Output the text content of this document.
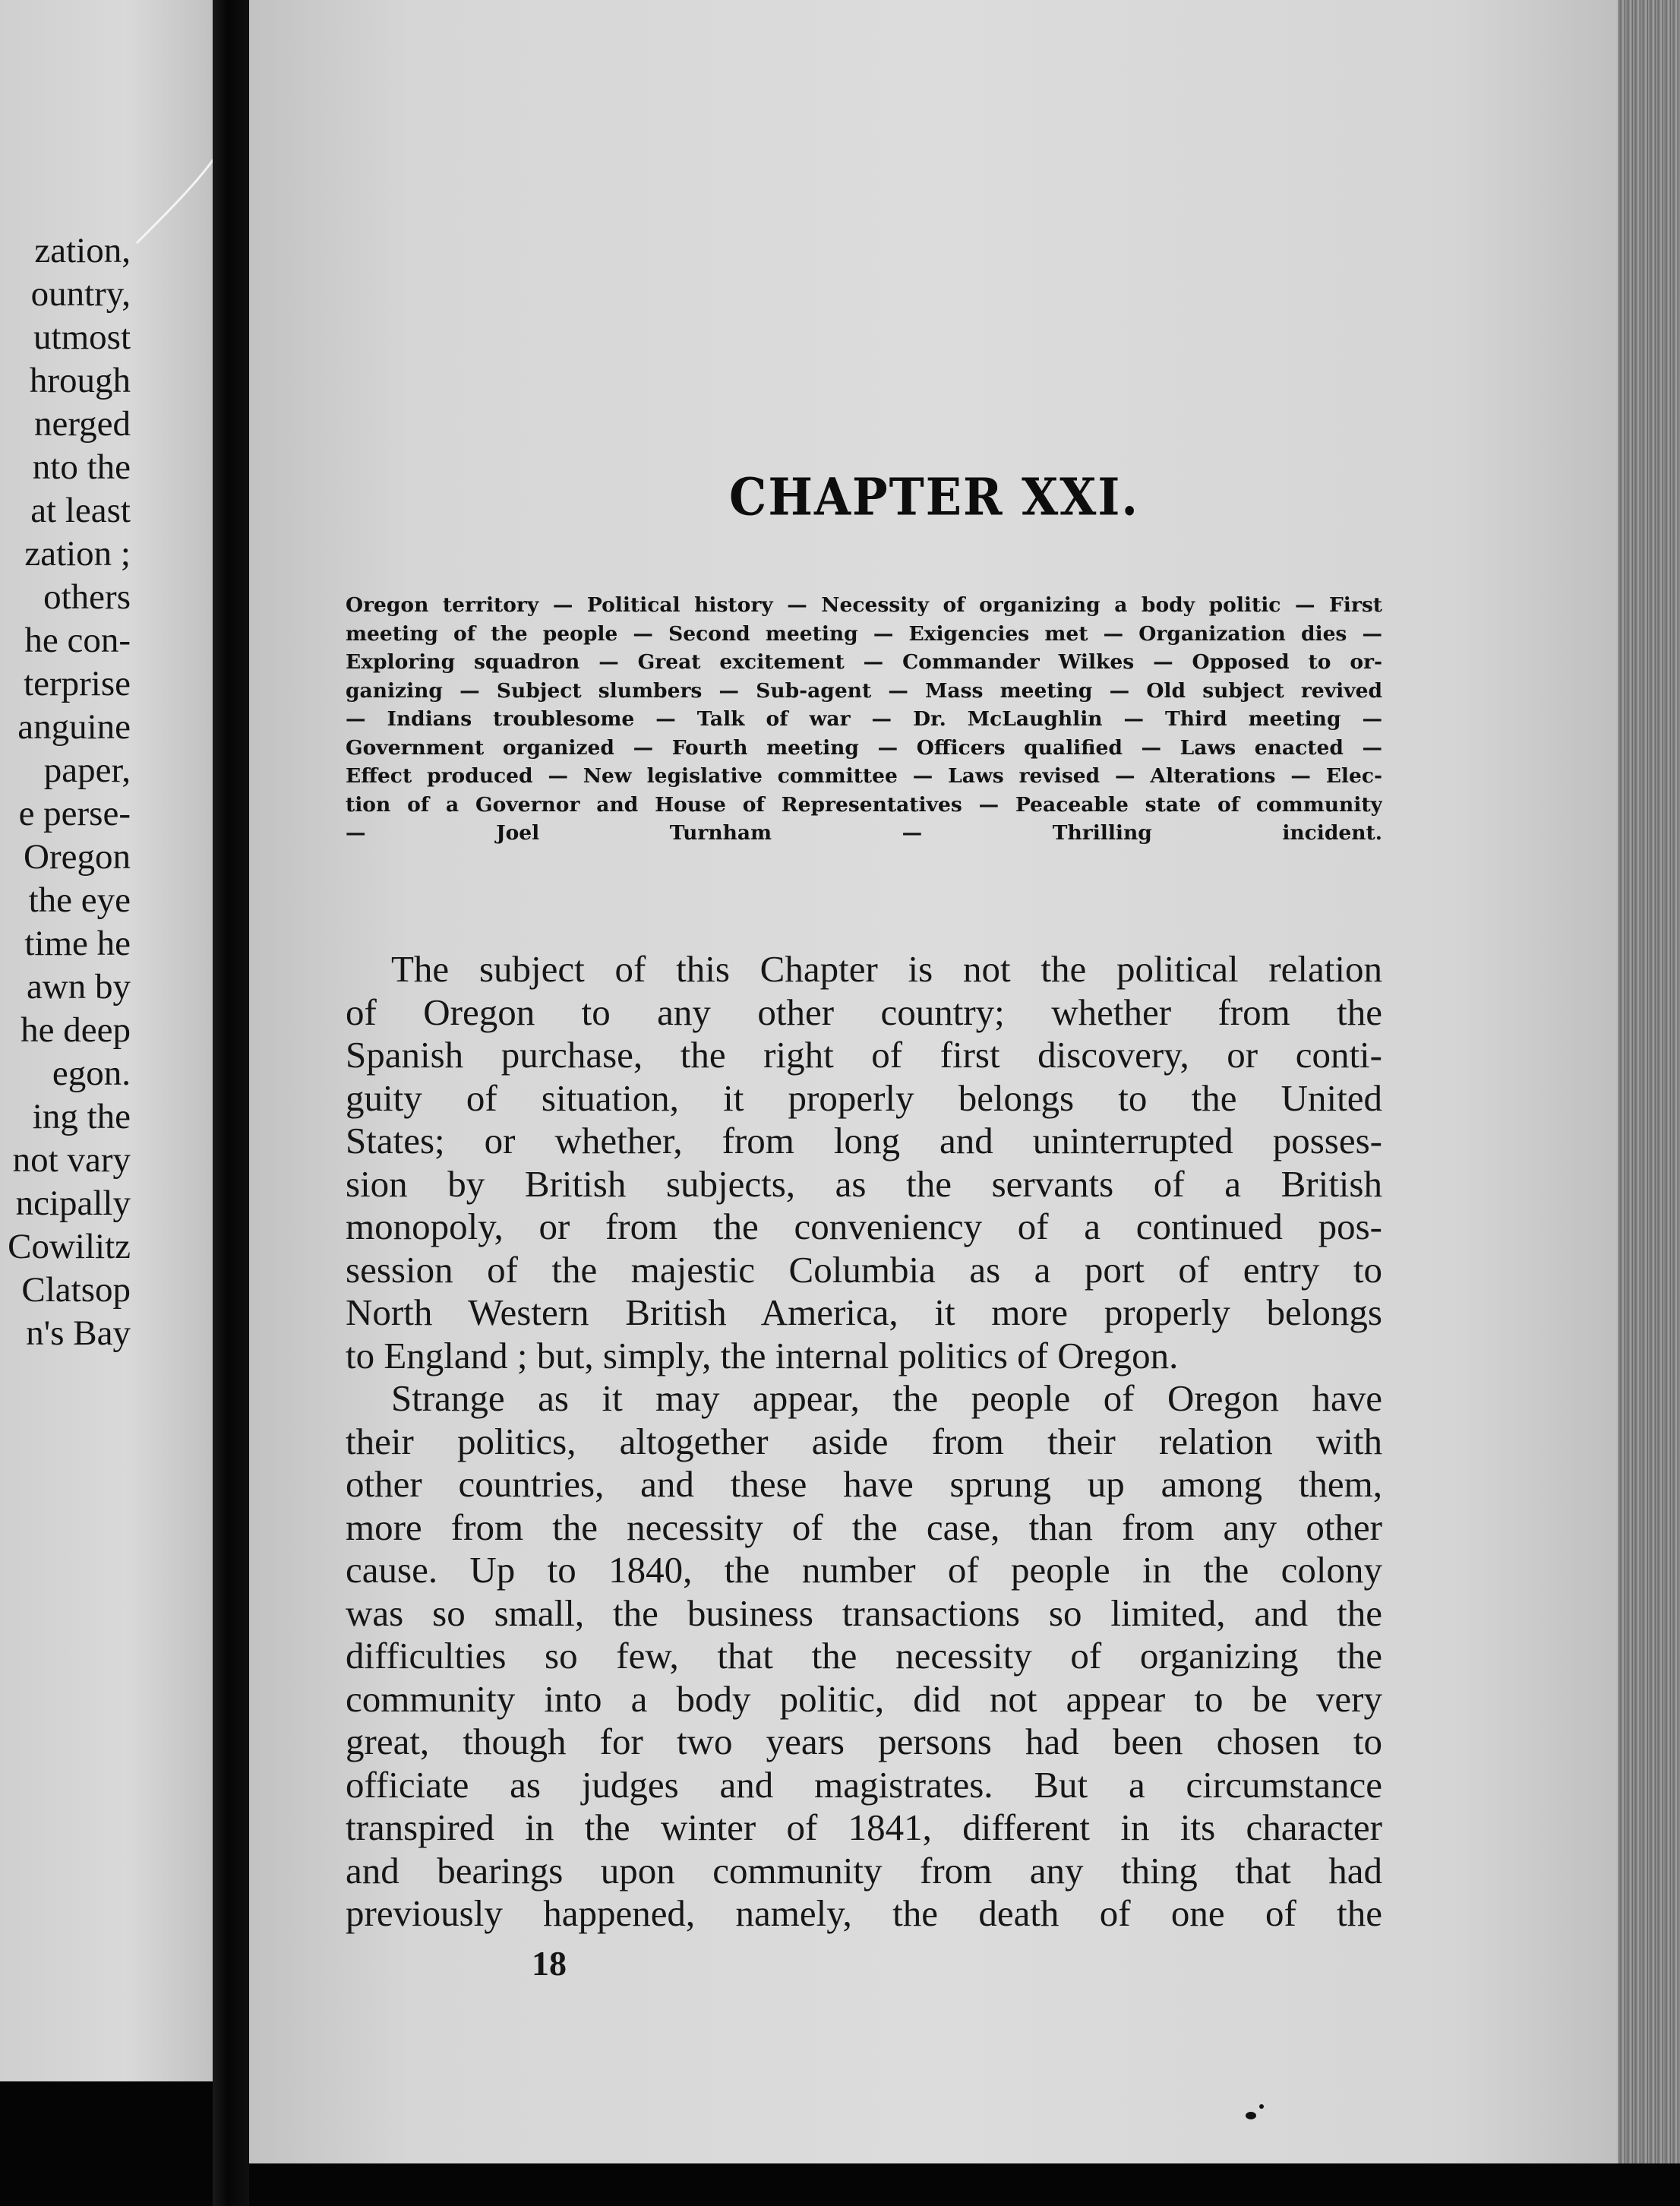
zation,
ountry,
utmost
hrough
nerged
nto the
at least
zation ;
others
he con-
terprise
anguine
paper,
e perse-
Oregon
the eye
time he
awn by
he deep
egon.
ing the
not vary
ncipally
Cowilitz
Clatsop
n's Bay
CHAPTER XXI.
Oregon territory — Political history — Necessity of organizing a body politic — First
meeting of the people — Second meeting — Exigencies met — Organization dies —
Exploring squadron — Great excitement — Commander Wilkes — Opposed to or-
ganizing — Subject slumbers — Sub-agent — Mass meeting — Old subject revived
— Indians troublesome — Talk of war — Dr. McLaughlin — Third meeting —
Government organized — Fourth meeting — Officers qualified — Laws enacted —
Effect produced — New legislative committee — Laws revised — Alterations — Elec-
tion of a Governor and House of Representatives — Peaceable state of community
— Joel Turnham — Thrilling incident.
The subject of this Chapter is not the political relation
of Oregon to any other country; whether from the
Spanish purchase, the right of first discovery, or conti-
guity of situation, it properly belongs to the United
States; or whether, from long and uninterrupted posses-
sion by British subjects, as the servants of a British
monopoly, or from the conveniency of a continued pos-
session of the majestic Columbia as a port of entry to
North Western British America, it more properly belongs
to England ; but, simply, the internal politics of Oregon.
Strange as it may appear, the people of Oregon have
their politics, altogether aside from their relation with
other countries, and these have sprung up among them,
more from the necessity of the case, than from any other
cause. Up to 1840, the number of people in the colony
was so small, the business transactions so limited, and the
difficulties so few, that the necessity of organizing the
community into a body politic, did not appear to be very
great, though for two years persons had been chosen to
officiate as judges and magistrates. But a circumstance
transpired in the winter of 1841, different in its character
and bearings upon community from any thing that had
previously happened, namely, the death of one of the
18
